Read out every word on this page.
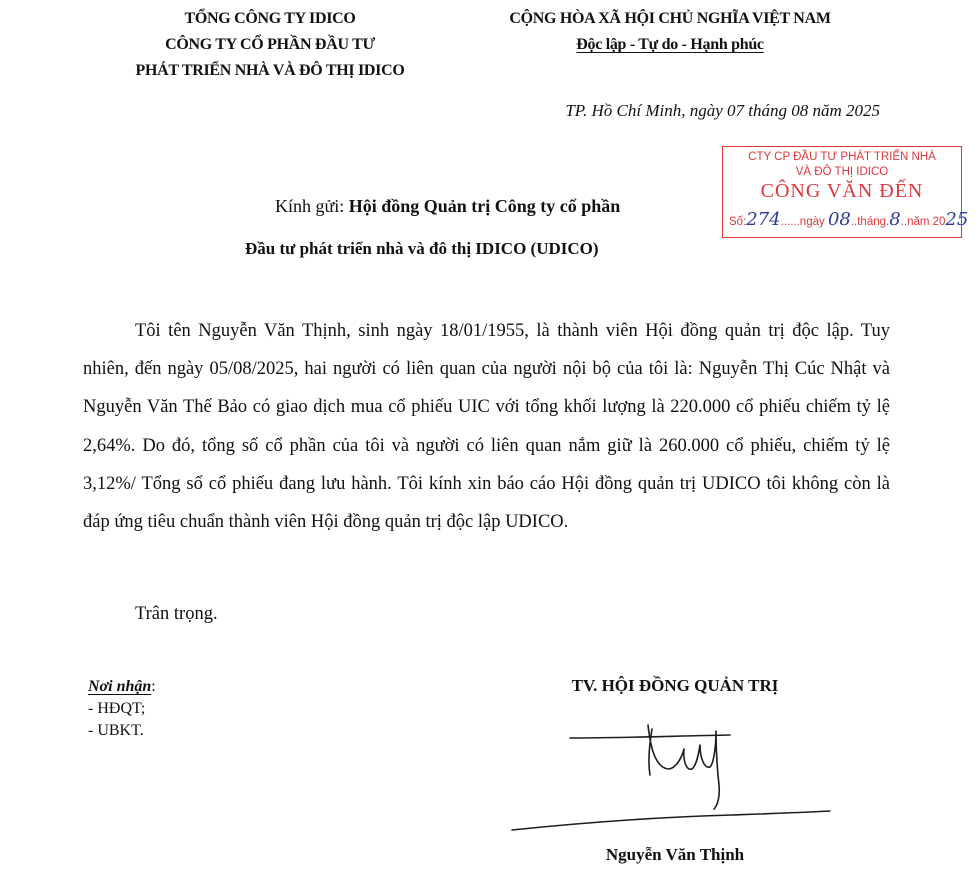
TỔNG CÔNG TY IDICO
CÔNG TY CỔ PHẦN ĐẦU TƯ
PHÁT TRIỂN NHÀ VÀ ĐÔ THỊ IDICO
CỘNG HÒA XÃ HỘI CHỦ NGHĨA VIỆT NAM
Độc lập - Tự do - Hạnh phúc
TP. Hồ Chí Minh, ngày 07 tháng 08 năm 2025
CTY CP ĐẦU TƯ PHÁT TRIỂN NHÀ
VÀ ĐÔ THỊ IDICO
CÔNG VĂN ĐẾN
Số:274......ngày 08..tháng.8..năm 2025
Kính gửi: Hội đồng Quản trị Công ty cổ phần
Đầu tư phát triển nhà và đô thị IDICO (UDICO)

Tôi tên Nguyễn Văn Thịnh, sinh ngày 18/01/1955, là thành viên Hội đồng quản trị độc lập. Tuy nhiên, đến ngày 05/08/2025, hai người có liên quan của người nội bộ của tôi là: Nguyễn Thị Cúc Nhật và Nguyễn Văn Thế Bảo có giao dịch mua cổ phiếu UIC với tổng khối lượng là 220.000 cổ phiếu chiếm tỷ lệ 2,64%. Do đó, tổng số cổ phần của tôi và người có liên quan nắm giữ là 260.000 cổ phiếu, chiếm tỷ lệ 3,12%/ Tổng số cổ phiếu đang lưu hành. Tôi kính xin báo cáo Hội đồng quản trị UDICO tôi không còn là đáp ứng tiêu chuẩn thành viên Hội đồng quản trị độc lập UDICO.

Trân trọng.
Nơi nhận:
- HĐQT;
- UBKT.
TV. HỘI ĐỒNG QUẢN TRỊ
Nguyễn Văn Thịnh
